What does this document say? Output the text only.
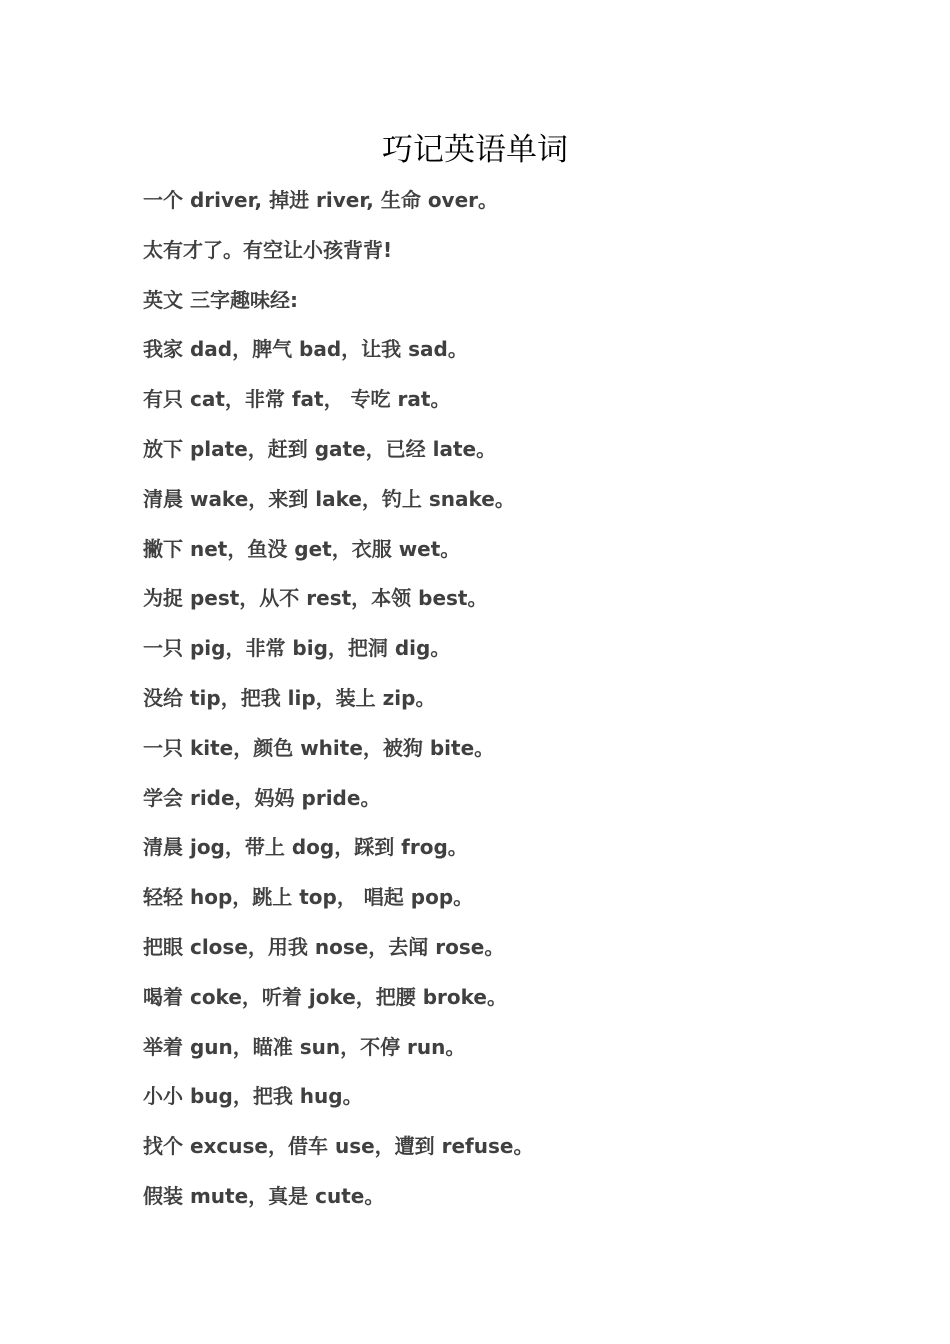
巧记英语单词
一个 driver, 掉进 river, 生命 over。
太有才了。有空让小孩背背!
英文 三字趣味经:
我家 dad，脾气 bad，让我 sad。
有只 cat，非常 fat， 专吃 rat。
放下 plate，赶到 gate，已经 late。
清晨 wake，来到 lake，钓上 snake。
撇下 net，鱼没 get，衣服 wet。
为捉 pest，从不 rest，本领 best。
一只 pig，非常 big，把洞 dig。
没给 tip，把我 lip，装上 zip。
一只 kite，颜色 white，被狗 bite。
学会 ride，妈妈 pride。
清晨 jog，带上 dog，踩到 frog。
轻轻 hop，跳上 top， 唱起 pop。
把眼 close，用我 nose，去闻 rose。
喝着 coke，听着 joke，把腰 broke。
举着 gun，瞄准 sun，不停 run。
小小 bug，把我 hug。
找个 excuse，借车 use，遭到 refuse。
假装 mute，真是 cute。
